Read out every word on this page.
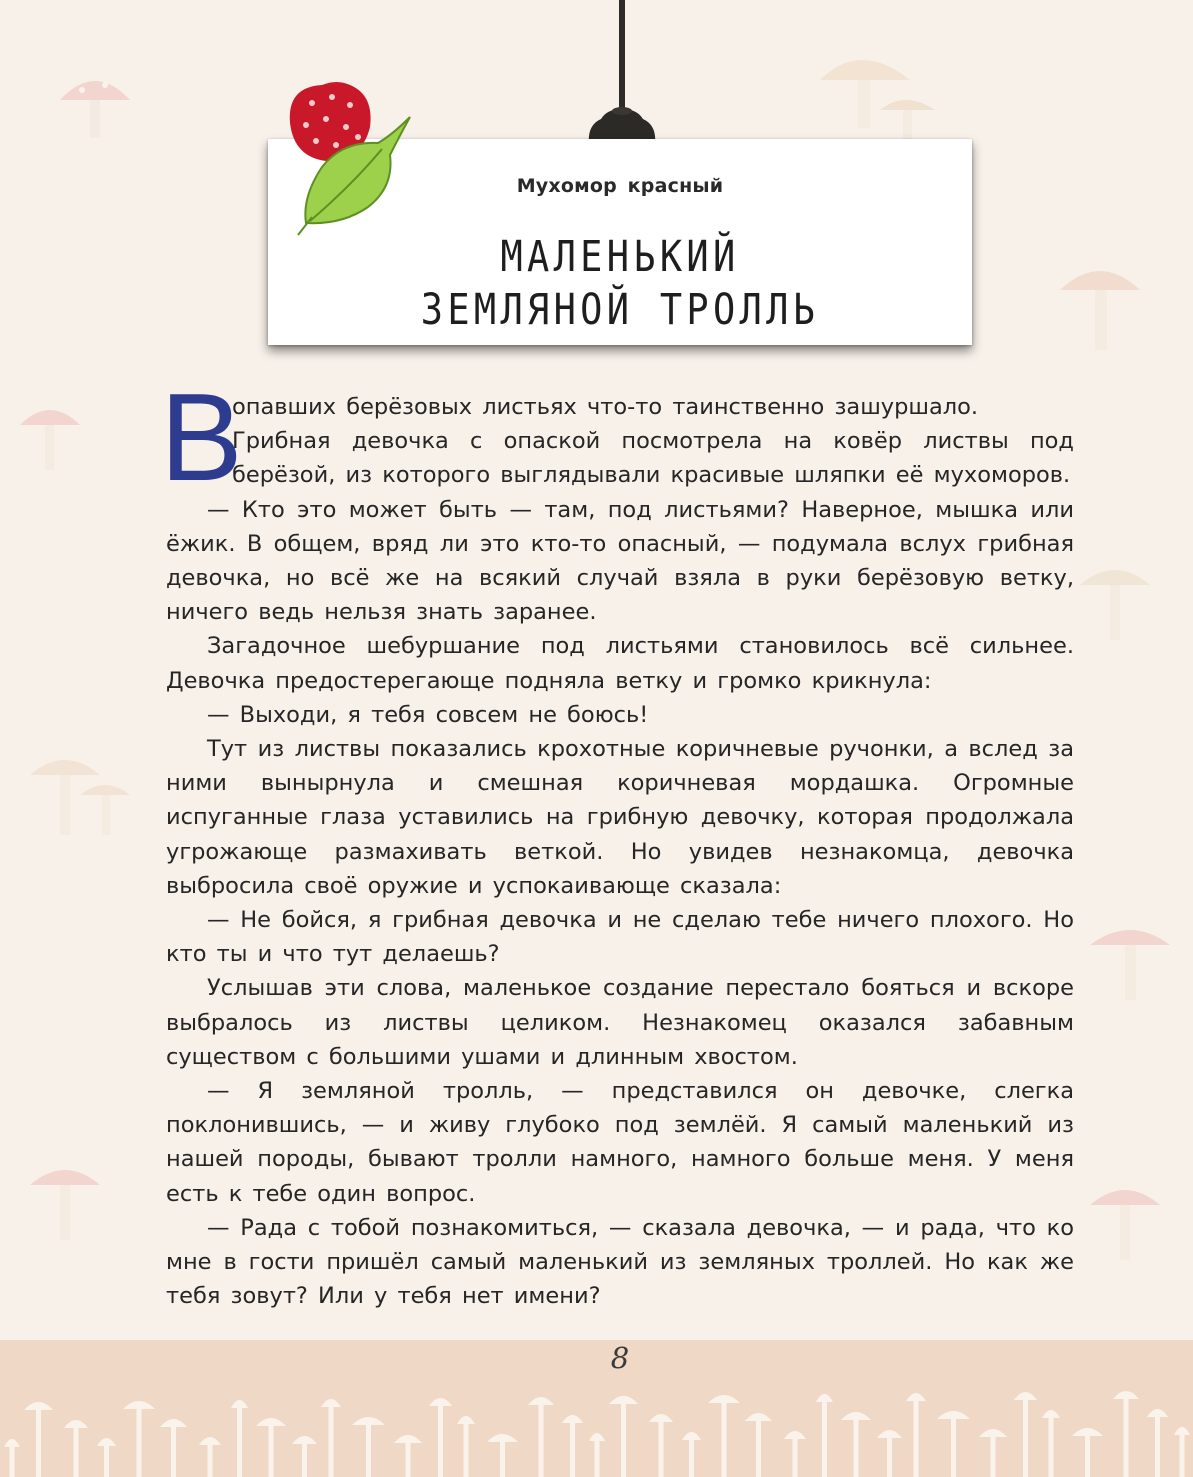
Мухомор красный
МАЛЕНЬКИЙ
ЗЕМЛЯНОЙ ТРОЛЛЬ
В

опавших берёзовых листьях что-то таинственно зашуршало.

Грибная девочка с опаской посмотрела на ковёр листвы под берёзой, из которого выглядывали красивые шляпки её мухоморов.

— Кто это может быть — там, под листьями? Наверное, мышка или ёжик. В общем, вряд ли это кто-то опасный, — подумала вслух грибная девочка, но всё же на всякий случай взяла в руки берёзовую ветку, ничего ведь нельзя знать заранее.

Загадочное шебуршание под листьями становилось всё сильнее. Девочка предостерегающе подняла ветку и громко крикнула:

— Выходи, я тебя совсем не боюсь!

Тут из листвы показались крохотные коричневые ручонки, а вслед за ними вынырнула и смешная коричневая мордашка. Огромные испуганные глаза уставились на грибную девочку, которая продолжала угрожающе размахивать веткой. Но увидев незнакомца, девочка выбросила своё оружие и успокаивающе сказала:

— Не бойся, я грибная девочка и не сделаю тебе ничего плохого. Но кто ты и что тут делаешь?

Услышав эти слова, маленькое создание перестало бояться и вскоре выбралось из листвы целиком. Незнакомец оказался забавным существом с большими ушами и длинным хвостом.

— Я земляной тролль, — представился он девочке, слегка поклонившись, — и живу глубоко под землёй. Я самый маленький из нашей породы, бывают тролли намного, намного больше меня. У меня есть к тебе один вопрос.

— Рада с тобой познакомиться, — сказала девочка, — и рада, что ко мне в гости пришёл самый маленький из земляных троллей. Но как же тебя зовут? Или у тебя нет имени?

8
